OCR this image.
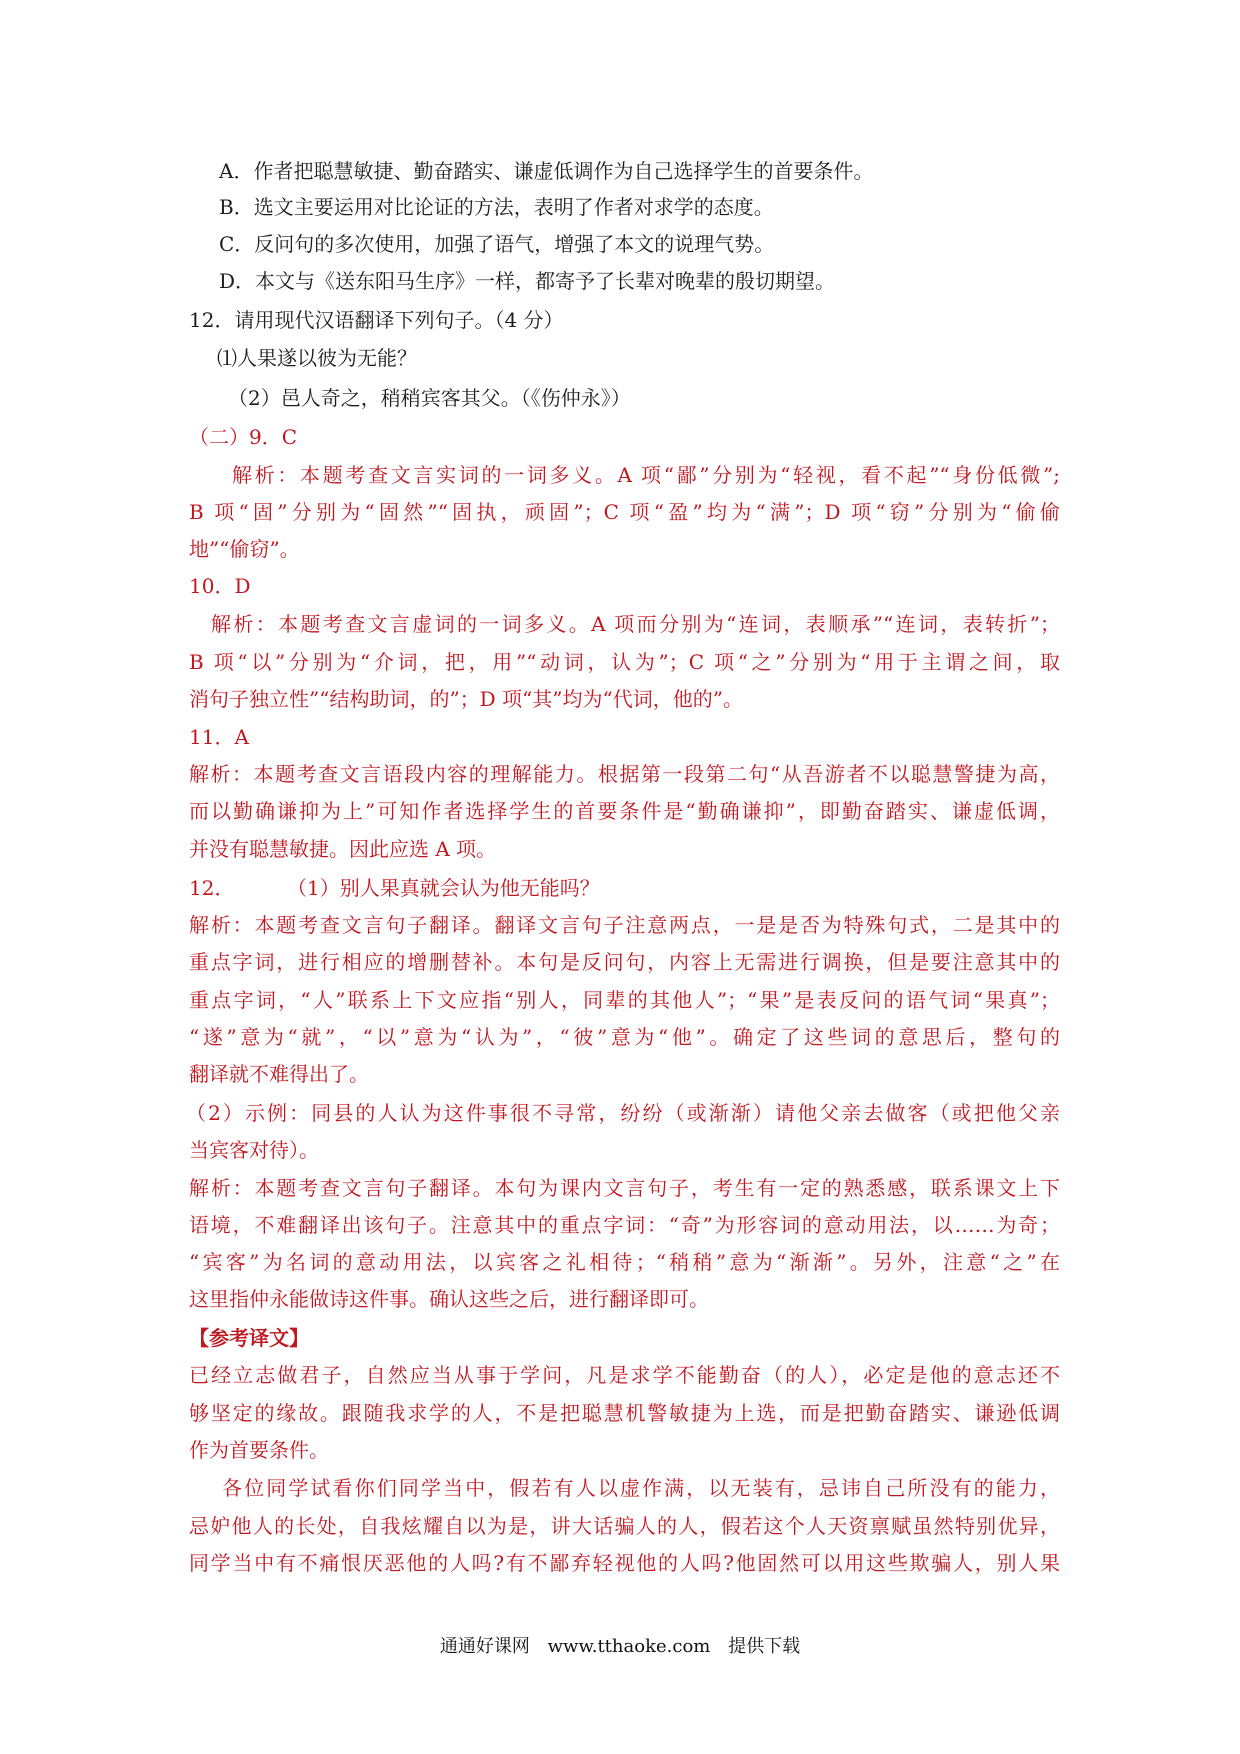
A．作者把聪慧敏捷、勤奋踏实、谦虚低调作为自己选择学生的首要条件。
B．选文主要运用对比论证的方法，表明了作者对求学的态度。
C．反问句的多次使用，加强了语气，增强了本文的说理气势。
D．本文与《送东阳马生序》一样，都寄予了长辈对晚辈的殷切期望。
12．请用现代汉语翻译下列句子。（4 分）
⑴人果遂以彼为无能？
（2）邑人奇之，稍稍宾客其父。（《伤仲永》）
（二）9．C
解析：本题考查文言实词的一词多义。A 项“鄙”分别为“轻视，看不起”“身份低微”;
B 项“固”分别为“固然”“固执，顽固”；C 项“盈”均为“满”；D 项“窃”分别为“偷偷
地”“偷窃”。
10．D
解析：本题考查文言虚词的一词多义。A 项而分别为“连词，表顺承”“连词，表转折”；
B 项“以”分别为“介词，把，用”“动词，认为”；C 项“之”分别为“用于主谓之间，取
消句子独立性”“结构助词，的”；D 项“其”均为“代词，他的”。
11．A
解析：本题考查文言语段内容的理解能力。根据第一段第二句“从吾游者不以聪慧警捷为高，
而以勤确谦抑为上”可知作者选择学生的首要条件是“勤确谦抑”，即勤奋踏实、谦虚低调，
并没有聪慧敏捷。因此应选 A 项。
12．	（1）别人果真就会认为他无能吗？
解析：本题考查文言句子翻译。翻译文言句子注意两点，一是是否为特殊句式，二是其中的
重点字词，进行相应的增删替补。本句是反问句，内容上无需进行调换，但是要注意其中的
重点字词，“人”联系上下文应指“别人，同辈的其他人”；“果”是表反问的语气词“果真”；
“遂”意为“就”，“以”意为“认为”，“彼”意为“他”。确定了这些词的意思后，整句的
翻译就不难得出了。
（2）示例：同县的人认为这件事很不寻常，纷纷（或渐渐）请他父亲去做客（或把他父亲
当宾客对待）。
解析：本题考查文言句子翻译。本句为课内文言句子，考生有一定的熟悉感，联系课文上下
语境，不难翻译出该句子。注意其中的重点字词：“奇”为形容词的意动用法，以……为奇；
“宾客”为名词的意动用法，以宾客之礼相待；“稍稍”意为“渐渐”。另外，注意“之”在
这里指仲永能做诗这件事。确认这些之后，进行翻译即可。
【参考译文】
已经立志做君子，自然应当从事于学问，凡是求学不能勤奋（的人），必定是他的意志还不
够坚定的缘故。跟随我求学的人，不是把聪慧机警敏捷为上选，而是把勤奋踏实、谦逊低调
作为首要条件。
各位同学试看你们同学当中，假若有人以虚作满，以无装有，忌讳自己所没有的能力，
忌妒他人的长处，自我炫耀自以为是，讲大话骗人的人，假若这个人天资禀赋虽然特别优异，
同学当中有不痛恨厌恶他的人吗?有不鄙弃轻视他的人吗?他固然可以用这些欺骗人，别人果
通通好课网 www.tthaoke.com 提供下载
